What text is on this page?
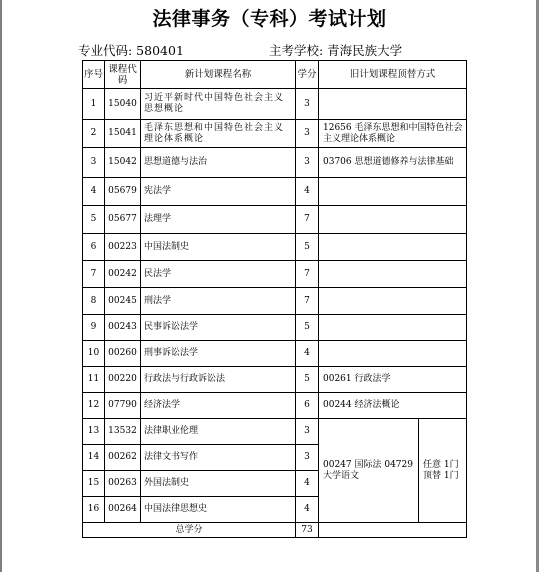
法律事务（专科）考试计划
专业代码: 580401	主考学校: 青海民族大学
序号	课程代码	新计划课程名称	学分	旧计划课程顶替方式	
1	15040	习近平新时代中国特色社会主义思想概论	3		
2	15041	毛泽东思想和中国特色社会主义理论体系概论	3	12656 毛泽东思想和中国特色社会主义理论体系概论	
3	15042	思想道德与法治	3	03706 思想道德修养与法律基础	
4	05679	宪法学	4		
5	05677	法理学	7		
6	00223	中国法制史	5		
7	00242	民法学	7		
8	00245	刑法学	7		
9	00243	民事诉讼法学	5		
10	00260	刑事诉讼法学	4		
11	00220	行政法与行政诉讼法	5	00261 行政法学	
12	07790	经济法学	6	00244 经济法概论	
13	13532	法律职业伦理	3	00247 国际法 04729 大学语文	任意 1门顶替 1门
14	00262	法律文书写作	3		
15	00263	外国法制史	4		
16	00264	中国法律思想史	4		
总学分			73		
